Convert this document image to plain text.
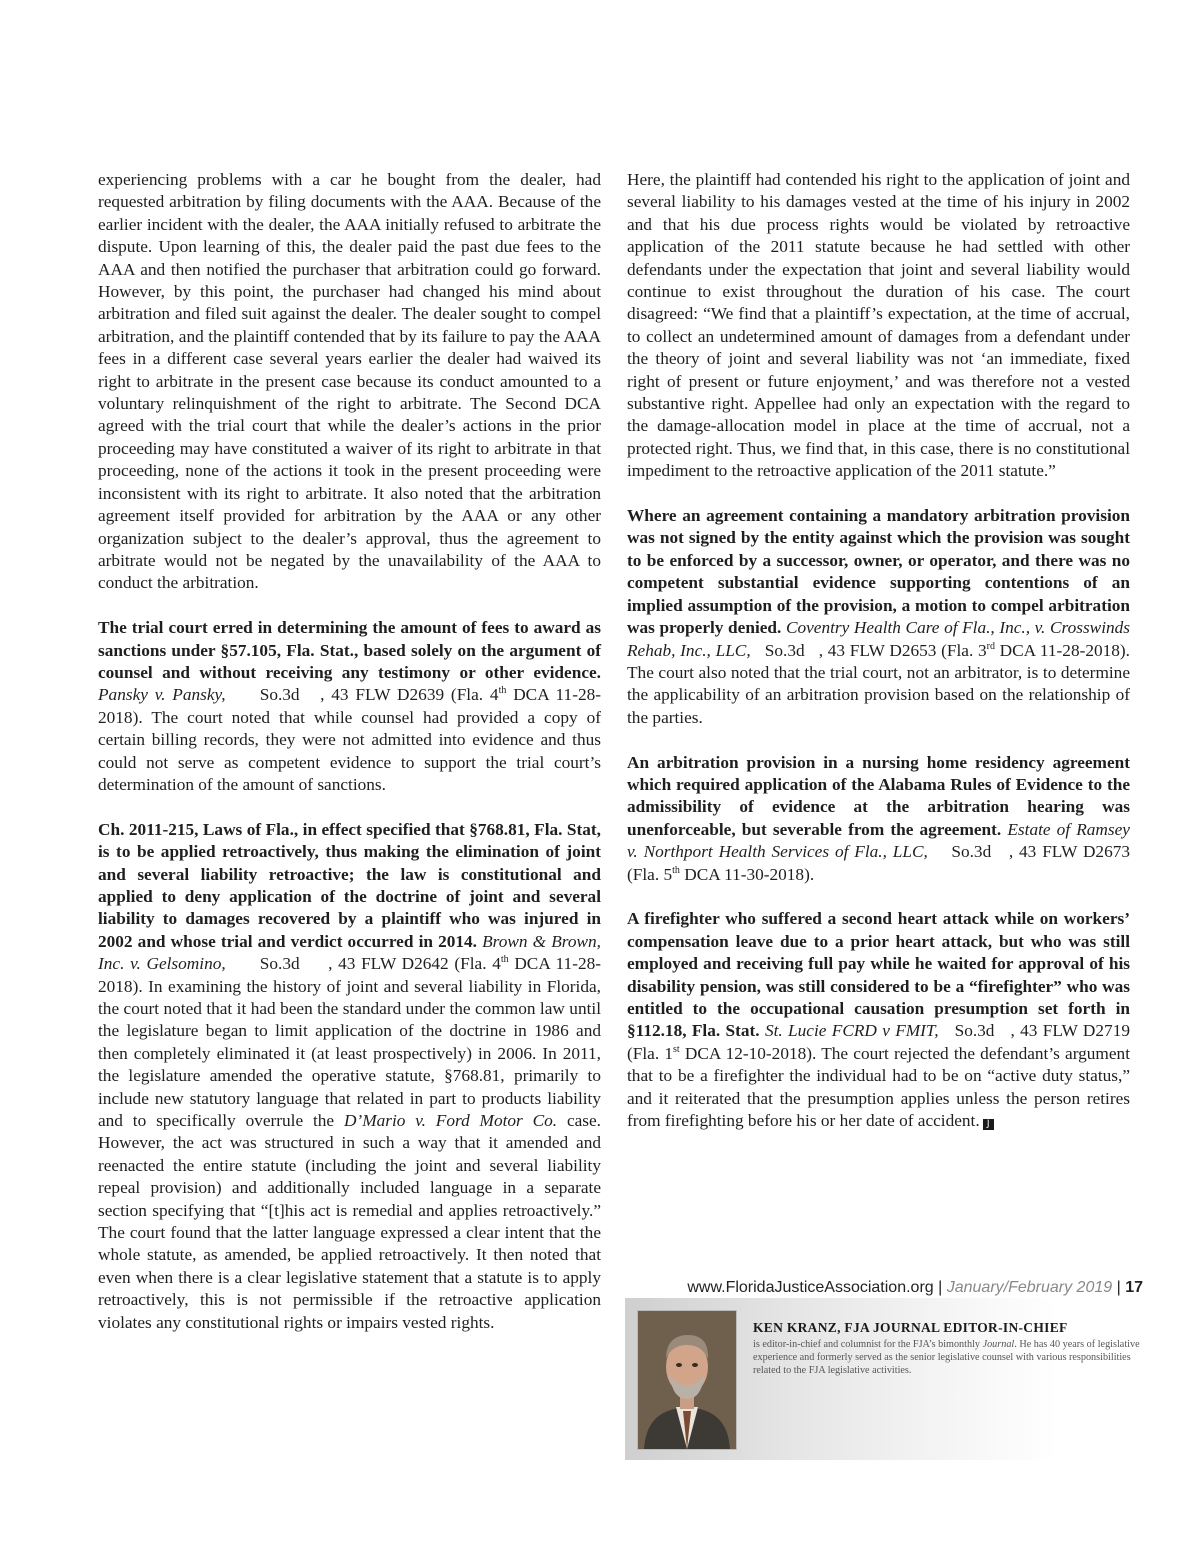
experiencing problems with a car he bought from the dealer, had requested arbitration by filing documents with the AAA. Because of the earlier incident with the dealer, the AAA initially refused to arbitrate the dispute. Upon learning of this, the dealer paid the past due fees to the AAA and then notified the purchaser that arbitration could go forward. However, by this point, the purchaser had changed his mind about arbitration and filed suit against the dealer. The dealer sought to compel arbitration, and the plaintiff contended that by its failure to pay the AAA fees in a different case several years earlier the dealer had waived its right to arbitrate in the present case because its conduct amounted to a voluntary relinquishment of the right to arbitrate. The Second DCA agreed with the trial court that while the dealer’s actions in the prior proceeding may have constituted a waiver of its right to arbitrate in that proceeding, none of the actions it took in the present proceeding were inconsistent with its right to arbitrate. It also noted that the arbitration agreement itself provided for arbitration by the AAA or any other organization subject to the dealer’s approval, thus the agreement to arbitrate would not be negated by the unavailability of the AAA to conduct the arbitration.

The trial court erred in determining the amount of fees to award as sanctions under §57.105, Fla. Stat., based solely on the argument of counsel and without receiving any testimony or other evidence. Pansky v. Pansky, So.3d , 43 FLW D2639 (Fla. 4th DCA 11-28-2018). The court noted that while counsel had provided a copy of certain billing records, they were not admitted into evidence and thus could not serve as competent evidence to support the trial court’s determination of the amount of sanctions.

Ch. 2011-215, Laws of Fla., in effect specified that §768.81, Fla. Stat, is to be applied retroactively, thus making the elimination of joint and several liability retroactive; the law is constitutional and applied to deny application of the doctrine of joint and several liability to damages recovered by a plaintiff who was injured in 2002 and whose trial and verdict occurred in 2014. Brown & Brown, Inc. v. Gelsomino, So.3d , 43 FLW D2642 (Fla. 4th DCA 11-28-2018). In examining the history of joint and several liability in Florida, the court noted that it had been the standard under the common law until the legislature began to limit application of the doctrine in 1986 and then completely eliminated it (at least prospectively) in 2006. In 2011, the legislature amended the operative statute, §768.81, primarily to include new statutory language that related in part to products liability and to specifically overrule the D’Mario v. Ford Motor Co. case. However, the act was structured in such a way that it amended and reenacted the entire statute (including the joint and several liability repeal provision) and additionally included language in a separate section specifying that “[t]his act is remedial and applies retroactively.” The court found that the latter language expressed a clear intent that the whole statute, as amended, be applied retroactively. It then noted that even when there is a clear legislative statement that a statute is to apply retroactively, this is not permissible if the retroactive application violates any constitutional rights or impairs vested rights.

Here, the plaintiff had contended his right to the application of joint and several liability to his damages vested at the time of his injury in 2002 and that his due process rights would be violated by retroactive application of the 2011 statute because he had settled with other defendants under the expectation that joint and several liability would continue to exist throughout the duration of his case. The court disagreed: “We find that a plaintiff’s expectation, at the time of accrual, to collect an undetermined amount of damages from a defendant under the theory of joint and several liability was not ‘an immediate, fixed right of present or future enjoyment,’ and was therefore not a vested substantive right. Appellee had only an expectation with the regard to the damage-allocation model in place at the time of accrual, not a protected right. Thus, we find that, in this case, there is no constitutional impediment to the retroactive application of the 2011 statute.”

Where an agreement containing a mandatory arbitration provision was not signed by the entity against which the provision was sought to be enforced by a successor, owner, or operator, and there was no competent substantial evidence supporting contentions of an implied assumption of the provision, a motion to compel arbitration was properly denied. Coventry Health Care of Fla., Inc., v. Crosswinds Rehab, Inc., LLC, So.3d , 43 FLW D2653 (Fla. 3rd DCA 11-28-2018). The court also noted that the trial court, not an arbitrator, is to determine the applicability of an arbitration provision based on the relationship of the parties.

An arbitration provision in a nursing home residency agreement which required application of the Alabama Rules of Evidence to the admissibility of evidence at the arbitration hearing was unenforceable, but severable from the agreement. Estate of Ramsey v. Northport Health Services of Fla., LLC, So.3d , 43 FLW D2673 (Fla. 5th DCA 11-30-2018).

A firefighter who suffered a second heart attack while on workers’ compensation leave due to a prior heart attack, but who was still employed and receiving full pay while he waited for approval of his disability pension, was still considered to be a “firefighter” who was entitled to the occupational causation presumption set forth in §112.18, Fla. Stat. St. Lucie FCRD v FMIT, So.3d , 43 FLW D2719 (Fla. 1st DCA 12-10-2018). The court rejected the defendant’s argument that to be a firefighter the individual had to be on “active duty status,” and it reiterated that the presumption applies unless the person retires from firefighting before his or her date of accident. J

KEN KRANZ, FJA JOURNAL EDITOR-IN-CHIEF

is editor-in-chief and columnist for the FJA’s bimonthly Journal. He has 40 years of legislative experience and formerly served as the senior legislative counsel with various responsibilities related to the FJA legislative activities.

www.FloridaJusticeAssociation.org | January/February 2019 | 17
